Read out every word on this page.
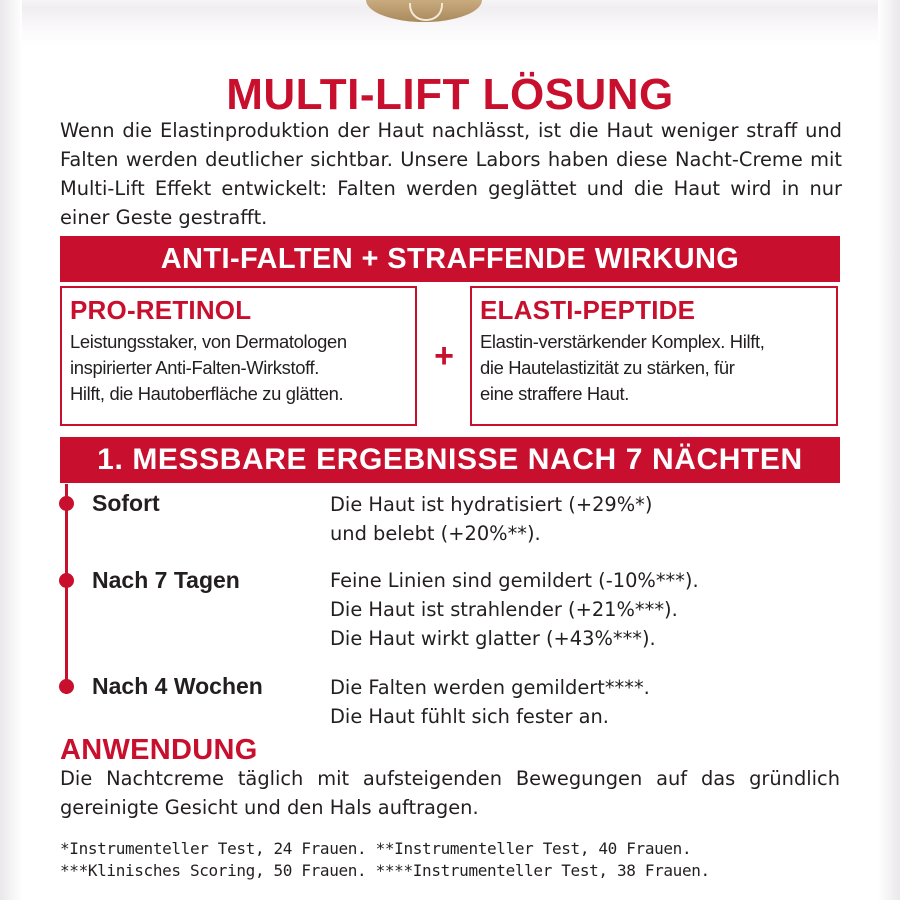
MULTI-LIFT LÖSUNG

Wenn die Elastinproduktion der Haut nachlässt, ist die Haut weniger straff und Falten werden deutlicher sichtbar. Unsere Labors haben diese Nacht-Creme mit Multi-Lift Effekt entwickelt: Falten werden geglättet und die Haut wird in nur einer Geste gestrafft.

ANTI-FALTEN + STRAFFENDE WIRKUNG

PRO-RETINOL

Leistungsstaker, von Dermatologen

inspirierter Anti-Falten-Wirkstoff.

Hilft, die Hautoberfläche zu glätten.

+

ELASTI-PEPTIDE

Elastin-verstärkender Komplex. Hilft,

die Hautelastizität zu stärken, für

eine straffere Haut.

1. MESSBARE ERGEBNISSE NACH 7 NÄCHTEN
Sofort	Die Haut ist hydratisiert (+29%*)
und belebt (+20%**).
Nach 7 Tagen	Feine Linien sind gemildert (-10%***).
Die Haut ist strahlender (+21%***).
Die Haut wirkt glatter (+43%***).
Nach 4 Wochen	Die Falten werden gemildert****.
Die Haut fühlt sich fester an.
ANWENDUNG

Die Nachtcreme täglich mit aufsteigenden Bewegungen auf das gründlich gereinigte Gesicht und den Hals auftragen.

*Instrumenteller Test, 24 Frauen. **Instrumenteller Test, 40 Frauen.

***Klinisches Scoring, 50 Frauen. ****Instrumenteller Test, 38 Frauen.
